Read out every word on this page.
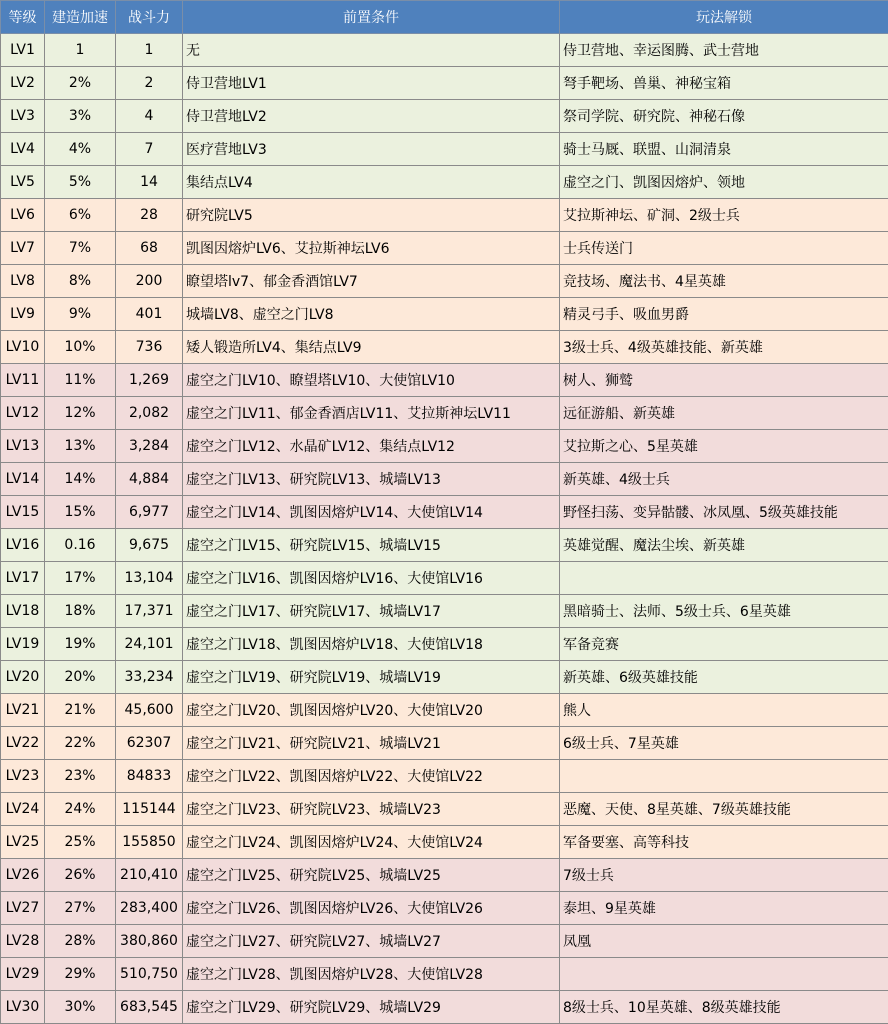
等级	建造加速	战斗力	前置条件	玩法解锁
LV1	1	1	无	侍卫营地、幸运图腾、武士营地
LV2	2%	2	侍卫营地LV1	弩手靶场、兽巢、神秘宝箱
LV3	3%	4	侍卫营地LV2	祭司学院、研究院、神秘石像
LV4	4%	7	医疗营地LV3	骑士马厩、联盟、山洞清泉
LV5	5%	14	集结点LV4	虚空之门、凯图因熔炉、领地
LV6	6%	28	研究院LV5	艾拉斯神坛、矿洞、2级士兵
LV7	7%	68	凯图因熔炉LV6、艾拉斯神坛LV6	士兵传送门
LV8	8%	200	瞭望塔lv7、郁金香酒馆LV7	竞技场、魔法书、4星英雄
LV9	9%	401	城墙LV8、虚空之门LV8	精灵弓手、吸血男爵
LV10	10%	736	矮人锻造所LV4、集结点LV9	3级士兵、4级英雄技能、新英雄
LV11	11%	1,269	虚空之门LV10、瞭望塔LV10、大使馆LV10	树人、狮鹫
LV12	12%	2,082	虚空之门LV11、郁金香酒店LV11、艾拉斯神坛LV11	远征游船、新英雄
LV13	13%	3,284	虚空之门LV12、水晶矿LV12、集结点LV12	艾拉斯之心、5星英雄
LV14	14%	4,884	虚空之门LV13、研究院LV13、城墙LV13	新英雄、4级士兵
LV15	15%	6,977	虚空之门LV14、凯图因熔炉LV14、大使馆LV14	野怪扫荡、变异骷髅、冰凤凰、5级英雄技能
LV16	0.16	9,675	虚空之门LV15、研究院LV15、城墙LV15	英雄觉醒、魔法尘埃、新英雄
LV17	17%	13,104	虚空之门LV16、凯图因熔炉LV16、大使馆LV16	
LV18	18%	17,371	虚空之门LV17、研究院LV17、城墙LV17	黑暗骑士、法师、5级士兵、6星英雄
LV19	19%	24,101	虚空之门LV18、凯图因熔炉LV18、大使馆LV18	军备竞赛
LV20	20%	33,234	虚空之门LV19、研究院LV19、城墙LV19	新英雄、6级英雄技能
LV21	21%	45,600	虚空之门LV20、凯图因熔炉LV20、大使馆LV20	熊人
LV22	22%	62307	虚空之门LV21、研究院LV21、城墙LV21	6级士兵、7星英雄
LV23	23%	84833	虚空之门LV22、凯图因熔炉LV22、大使馆LV22	
LV24	24%	115144	虚空之门LV23、研究院LV23、城墙LV23	恶魔、天使、8星英雄、7级英雄技能
LV25	25%	155850	虚空之门LV24、凯图因熔炉LV24、大使馆LV24	军备要塞、高等科技
LV26	26%	210,410	虚空之门LV25、研究院LV25、城墙LV25	7级士兵
LV27	27%	283,400	虚空之门LV26、凯图因熔炉LV26、大使馆LV26	泰坦、9星英雄
LV28	28%	380,860	虚空之门LV27、研究院LV27、城墙LV27	凤凰
LV29	29%	510,750	虚空之门LV28、凯图因熔炉LV28、大使馆LV28	
LV30	30%	683,545	虚空之门LV29、研究院LV29、城墙LV29	8级士兵、10星英雄、8级英雄技能
